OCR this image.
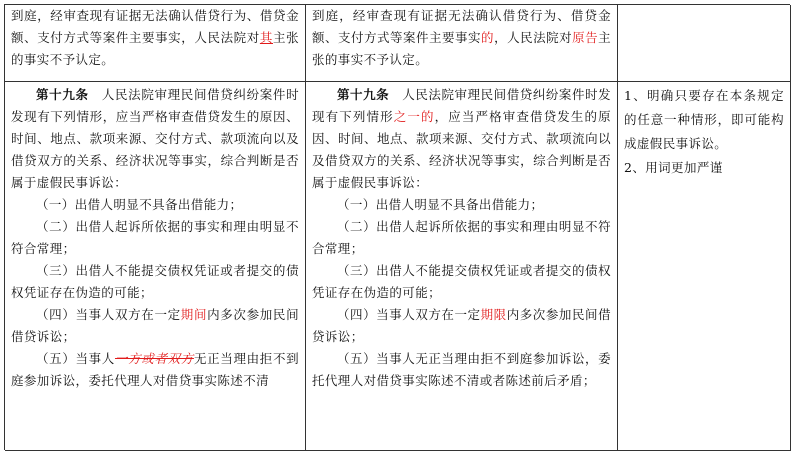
到庭，经审查现有证据无法确认借贷行为、借贷金额、支付方式等案件主要事实，人民法院对其主张的事实不予认定。

到庭，经审查现有证据无法确认借贷行为、借贷金额、支付方式等案件主要事实的，人民法院对原告主张的事实不予认定。

第十九条　 人民法院审理民间借贷纠纷案件时发现有下列情形，应当严格审查借贷发生的原因、时间、地点、款项来源、交付方式、款项流向以及借贷双方的关系、经济状况等事实，综合判断是否属于虚假民事诉讼：

（一）出借人明显不具备出借能力；

（二）出借人起诉所依据的事实和理由明显不符合常理；

（三）出借人不能提交债权凭证或者提交的债权凭证存在伪造的可能；

（四）当事人双方在一定期间内多次参加民间借贷诉讼；

（五）当事人一方或者双方无正当理由拒不到庭参加诉讼，委托代理人对借贷事实陈述不清

第十九条　 人民法院审理民间借贷纠纷案件时发现有下列情形之一的，应当严格审查借贷发生的原因、时间、地点、款项来源、交付方式、款项流向以及借贷双方的关系、经济状况等事实，综合判断是否属于虚假民事诉讼：

（一）出借人明显不具备出借能力；

（二）出借人起诉所依据的事实和理由明显不符合常理；

（三）出借人不能提交债权凭证或者提交的债权凭证存在伪造的可能；

（四）当事人双方在一定期限内多次参加民间借贷诉讼；

（五）当事人无正当理由拒不到庭参加诉讼，委托代理人对借贷事实陈述不清或者陈述前后矛盾；

1、明确只要存在本条规定的任意一种情形，即可能构成虚假民事诉讼。

2、用词更加严谨
